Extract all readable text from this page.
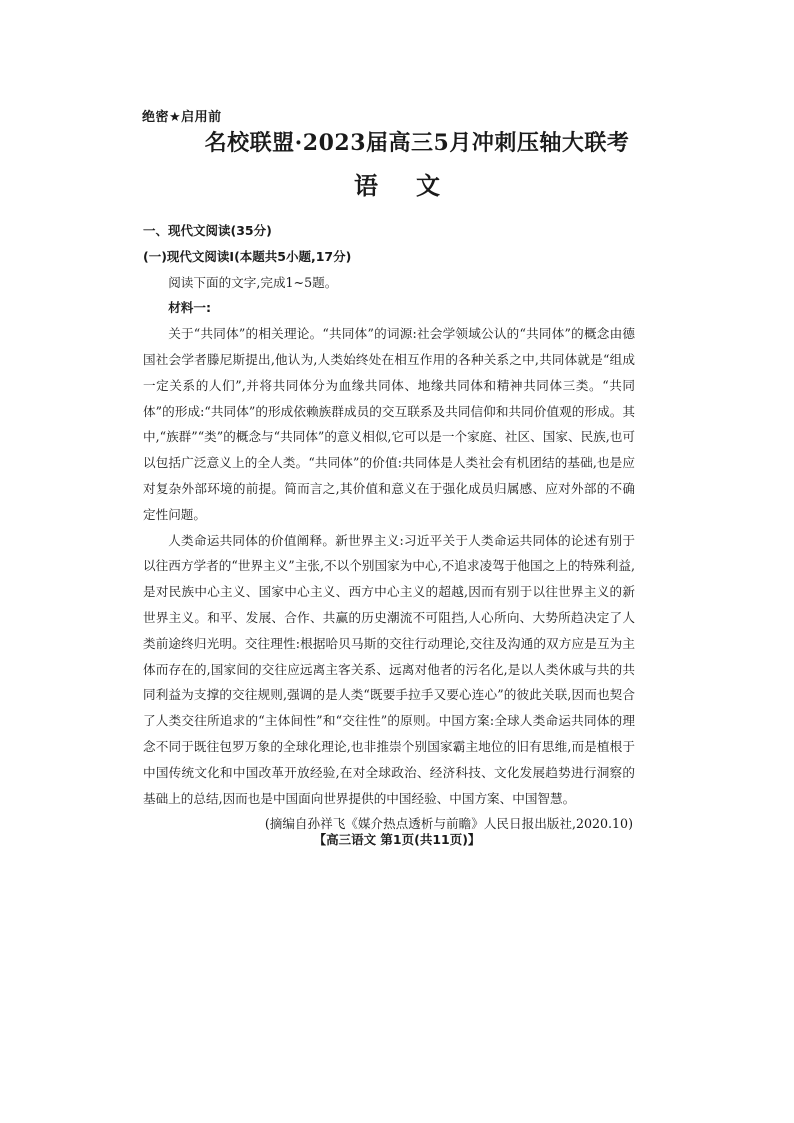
绝密★启用前
名校联盟·2023届高三5月冲刺压轴大联考
语文

一、现代文阅读(35分)

(一)现代文阅读Ⅰ(本题共5小题,17分)

阅读下面的文字,完成1~5题。

材料一:

关于“共同体”的相关理论。“共同体”的词源:社会学领域公认的“共同体”的概念由德国社会学者滕尼斯提出,他认为,人类始终处在相互作用的各种关系之中,共同体就是“组成一定关系的人们”,并将共同体分为血缘共同体、地缘共同体和精神共同体三类。“共同体”的形成:“共同体”的形成依赖族群成员的交互联系及共同信仰和共同价值观的形成。其中,“族群”“类”的概念与“共同体”的意义相似,它可以是一个家庭、社区、国家、民族,也可以包括广泛意义上的全人类。“共同体”的价值:共同体是人类社会有机团结的基础,也是应对复杂外部环境的前提。简而言之,其价值和意义在于强化成员归属感、应对外部的不确定性问题。

人类命运共同体的价值阐释。新世界主义:习近平关于人类命运共同体的论述有别于以往西方学者的“世界主义”主张,不以个别国家为中心,不追求凌驾于他国之上的特殊利益,是对民族中心主义、国家中心主义、西方中心主义的超越,因而有别于以往世界主义的新世界主义。和平、发展、合作、共赢的历史潮流不可阻挡,人心所向、大势所趋决定了人类前途终归光明。交往理性:根据哈贝马斯的交往行动理论,交往及沟通的双方应是互为主体而存在的,国家间的交往应远离主客关系、远离对他者的污名化,是以人类休戚与共的共同利益为支撑的交往规则,强调的是人类“既要手拉手又要心连心”的彼此关联,因而也契合了人类交往所追求的“主体间性”和“交往性”的原则。中国方案:全球人类命运共同体的理念不同于既往包罗万象的全球化理论,也非推崇个别国家霸主地位的旧有思维,而是植根于中国传统文化和中国改革开放经验,在对全球政治、经济科技、文化发展趋势进行洞察的基础上的总结,因而也是中国面向世界提供的中国经验、中国方案、中国智慧。

(摘编自孙祥飞《媒介热点透析与前瞻》人民日报出版社,2020.10)

【高三语文 第1页(共11页)】
